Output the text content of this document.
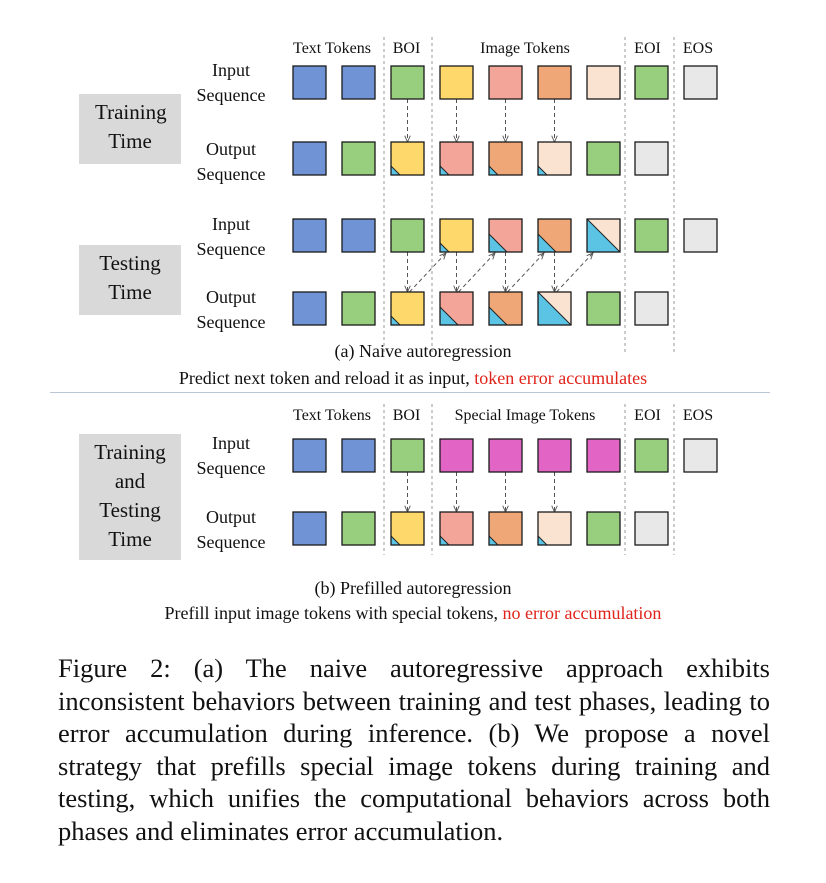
Text Tokens	BOI	Image Tokens	EOI	EOS
Training Time
Testing Time
Input Sequence
Output Sequence
Input Sequence
Output Sequence
(a) Naive autoregression
Predict next token and reload it as input, token error accumulates
Text Tokens	BOI	Special Image Tokens	EOI	EOS
Training and Testing Time
Input Sequence
Output Sequence
(b) Prefilled autoregression
Prefill input image tokens with special tokens, no error accumulation
Figure 2: (a) The naive autoregressive approach exhibits inconsistent behaviors between training and test phases, leading to error accumulation during inference. (b) We propose a novel strategy that prefills special image tokens during training and testing, which unifies the computational behaviors across both phases and eliminates error accumulation.
